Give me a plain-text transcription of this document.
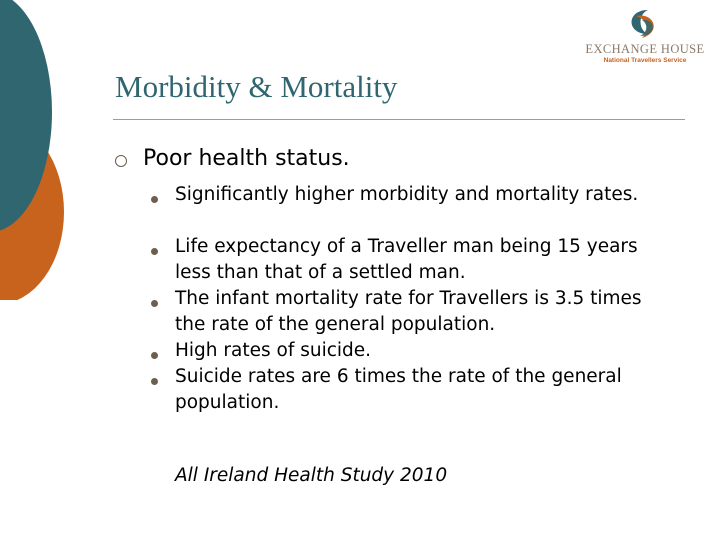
EXCHANGE HOUSE
National Travellers Service
Morbidity & Mortality
Poor health status.
Significantly higher morbidity and mortality rates.
Life expectancy of a Traveller man being 15 years less than that of a settled man.
The infant mortality rate for Travellers is 3.5 times the rate of the general population.
High rates of suicide.
Suicide rates are 6 times the rate of the general population.
All Ireland Health Study 2010
